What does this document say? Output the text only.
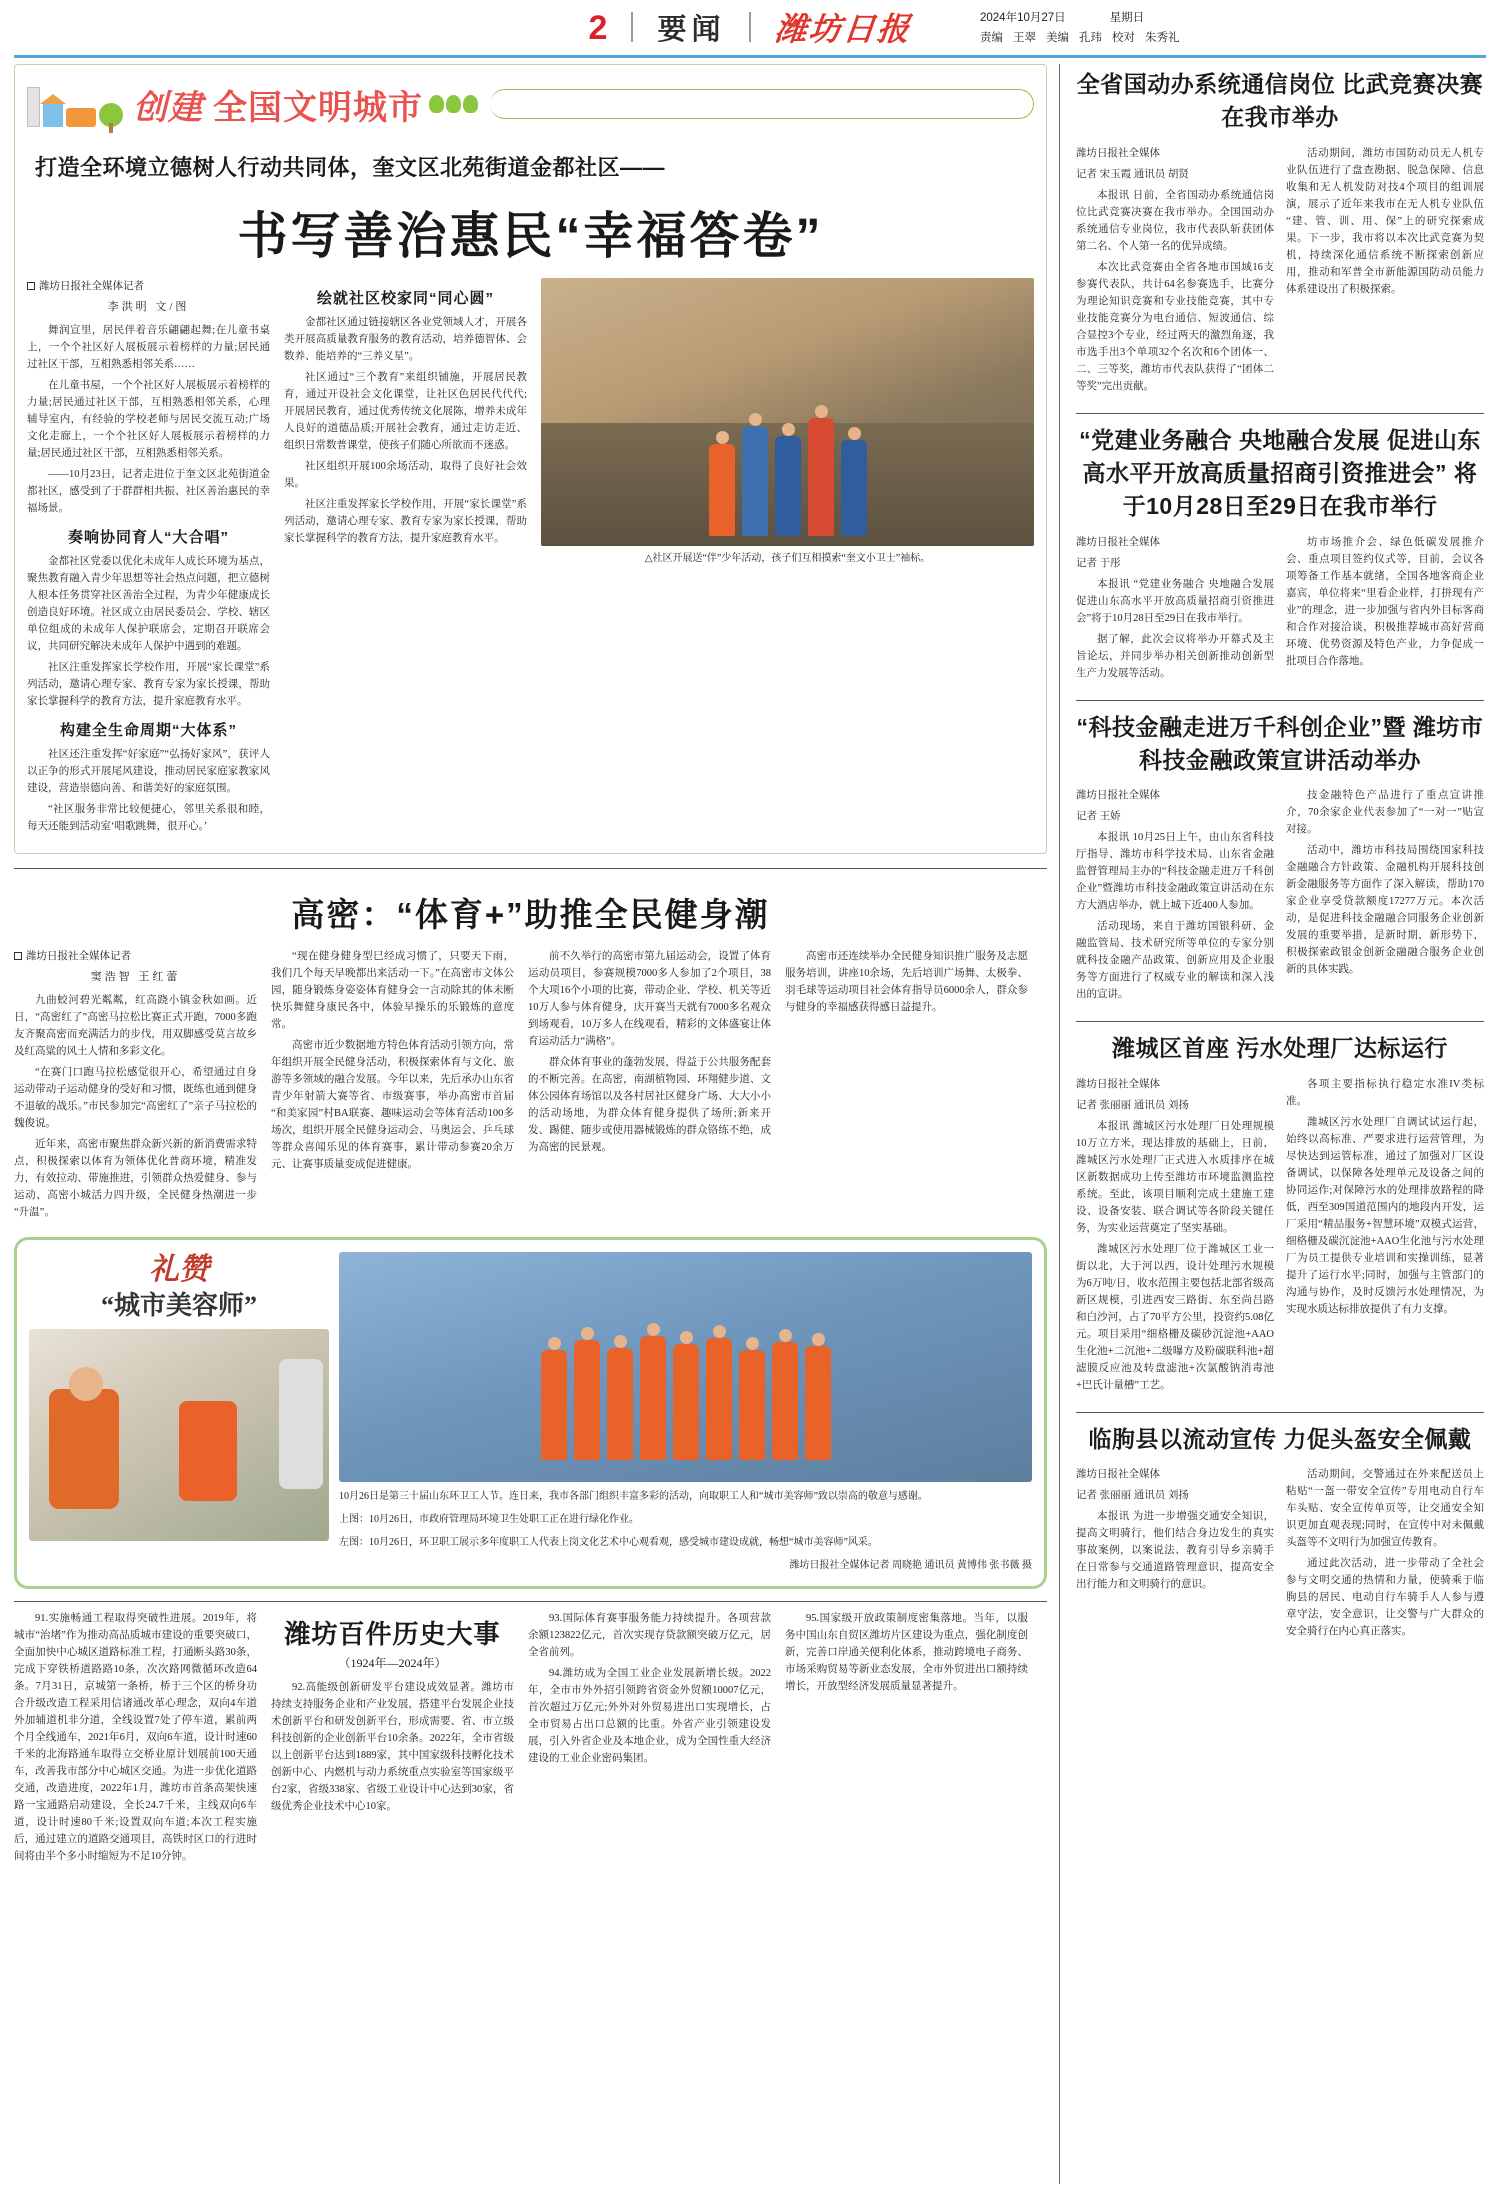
2 要闻 潍坊日报	2024年10月27日	星期日
责编 王翠 美编 孔玮 校对 朱秀礼
创建 全国文明城市
打造全环境立德树人行动共同体，奎文区北苑街道金都社区——
书写善治惠民“幸福答卷”
潍坊日报社全媒体记者
李洪明 文/图

舞润宣里，居民伴着音乐翩翩起舞;在儿童书桌上，一个个社区好人展板展示着榜样的力量;居民通过社区干部，互相熟悉相邻关系……

在儿童书屋，一个个社区好人展板展示着榜样的力量;居民通过社区干部，互相熟悉相邻关系，心理辅导室内，有经验的学校老师与居民交流互动;广场文化走廊上，一个个社区好人展板展示着榜样的力量;居民通过社区干部，互相熟悉相邻关系。

——10月23日，记者走进位于奎文区北苑街道金都社区，感受到了于群群相共振、社区善治惠民的幸福场景。

奏响协同育人“大合唱”

金都社区党委以优化未成年人成长环境为基点，聚焦教育融入青少年思想等社会热点问题，把立德树人根本任务贯穿社区善治全过程，为青少年健康成长创造良好环境。社区成立由居民委员会、学校、辖区单位组成的未成年人保护联席会，定期召开联席会议，共同研究解决未成年人保护中遇到的难题。

社区注重发挥家长学校作用，开展“家长课堂”系列活动，邀请心理专家、教育专家为家长授课，帮助家长掌握科学的教育方法，提升家庭教育水平。

构建全生命周期“大体系”

社区还注重发挥“好家庭”“弘扬好家风”，获评人以正争的形式开展尾风建设，推动居民家庭家教家风建设，营造崇德向善、和谐美好的家庭氛围。

“社区服务非常比较便捷心，邻里关系很和睦，每天还能到活动室‘唱歌跳舞，很开心。’

绘就社区校家同“同心圆”

金都社区通过链接辖区各业党领域人才，开展各类开展高质量教育服务的教育活动，培养德智体、会数养、能培养的“三养义星”。

社区通过“三个教育”来组织铺施，开展居民教育，通过开设社会文化课堂，让社区色居民代代代;开展居民教育，通过优秀传统文化展陈，增养未成年人良好的道德品质;开展社会教育，通过走访走近、组织日常数普课堂，使孩子们随心所欲而不迷惑。

社区组织开展100余场活动，取得了良好社会效果。

社区注重发挥家长学校作用，开展“家长课堂”系列活动，邀请心理专家、教育专家为家长授课，帮助家长掌握科学的教育方法，提升家庭教育水平。

△社区开展送“伴”少年活动，孩子们互相摸索“奎文小卫士”袖标。
高密：“体育+”助推全民健身潮
潍坊日报社全媒体记者
窦浩智 王红蕾

九曲蛟河碧光粼粼，红高跷小镇金秋如画。近日，“高密红了”高密马拉松比赛正式开跑，7000多跑友齐聚高密而充满活力的步伐，用双脚感受莫言故乡及红高粱的风土人情和多彩文化。

“在赛门口跑马拉松感觉很开心，希望通过自身运动带动子运动健身的受好和习惯，既练也通到健身不退敏的战乐。”市民参加完“高密红了”亲子马拉松的魏俊说。

近年来，高密市聚焦群众新兴新的新消费需求特点，积极探索以体育为领体优化普商环境，精准发力，有效拉动、带施推进，引领群众热爱健身、参与运动、高密小城活力四升级，全民健身热潮进一步“升温”。

“现在健身健身型巳经成习惯了，只要天下雨，我们几个每天早晚都出来活动一下。”在高密市文体公园，随身锻炼身姿姿体育健身会一言动除其的体未断快乐舞健身康民各中，体验早操乐的乐锻炼的意度常。

高密市近少数据地方特色体育活动引领方向，常年组织开展全民健身活动，积极探索体育与文化、旅游等多领域的融合发展。今年以来，先后承办山东省青少年射箭大赛等省、市级赛事，举办高密市首届“和美家园”村BA联赛、趣味运动会等体育活动100多场次，组织开展全民健身运动会、马奥运会、乒乓球等群众喜闻乐见的体育赛事，累计带动参赛20余万元、让赛事质量变成促进健康。

前不久举行的高密市第九届运动会，设置了体育运动员项目，参赛规模7000多人参加了2个项目，38个大项16个小项的比赛，带动企业、学校、机关等近10万人参与体育健身，庆开赛当天就有7000多名观众到场观看，10万多人在线观看，精彩的文体盛宴让体育运动活力“满格”。

群众体育事业的蓬勃发展，得益于公共服务配套的不断完善。在高密，南湖植物园、环翔健步道、文体公园体育场馆以及各村居社区健身广场、大大小小的活动场地，为群众体育健身提供了场所;新来开发、踢健、随步或使用器械锻炼的群众铬练不绝，成为高密的民景观。

高密市还连续举办全民健身知识推广服务及志愿服务培训，讲座10余场，先后培训广场舞、太极拳、羽毛球等运动项目社会体育指导员6000余人，群众参与健身的幸福感获得感日益提升。

礼赞
“城市美容师”
10月26日是第三十届山东环卫工人节。连日来，我市各部门组织丰富多彩的活动，向取职工人和“城市美容师”致以崇高的敬意与感谢。
上图：10月26日，市政府管理局环境卫生处职工正在进行绿化作业。
左图：10月26日，环卫职工展示多年度职工人代表上岗文化艺术中心观看观，感受城市建设成就，畅想“城市美容师”风采。
潍坊日报社全媒体记者 周晓艳 通讯员 黄博伟 张书薇 摄

91.实施畅通工程取得突破性进展。2019年，将城市“治堵”作为推动高品质城市建设的重要突破口，全面加快中心城区道路标准工程，打通断头路30条，完成下穿铁桥道路路10条，次次路网微循环改造64条。7月31日，京城第一条桥，桥于三个区的桥身功合升级改造工程采用信诸通改革心理念，双向4车道外加辅道机非分道，全线设置7处了停车道，累前两个月全线通车，2021年6月，双向6车道，设计时速60千米的北海路通车取得立交桥业原计划展前100天通车，改善我市部分中心城区交通。为进一步优化道路交通，改造进度，2022年1月，潍坊市首条高架快速路一宝通路启动建设，全长24.7千米，主线双向6车道，设计时速80千米;设置双向车道;本次工程实施后，通过建立的道路交通项目，高铁时区口的行进时间将由半个多小时缩短为不足10分钟。

潍坊百件历史大事
（1924年—2024年）

92.高能级创新研发平台建设成效显著。潍坊市持续支持服务企业和产业发展，搭建平台发展企业技术创新平台和研发创新平台，形成需要、省、市立级科技创新的企业创新平台10余条。2022年，全市省级以上创新平台达到1889家，其中国家级科技孵化技术创新中心、内燃机与动力系统重点实验室等国家级平台2家，省级338家、省级工业设计中心达到30家，省级优秀企业技术中心10家。

93.国际体育赛事服务能力持续提升。各项营款余额123822亿元，首次实现存贷款额突破万亿元，居全省前列。

94.潍坊成为全国工业企业发展新增长级。2022年，全市市外外招引领跨省资金外贸额10007亿元，首次超过万亿元;外外对外贸易进出口实现增长，占全市贸易占出口总额的比重。外省产业引领建设发展，引入外省企业及本地企业，成为全国性重大经济建设的工业企业密码集团。

95.国家级开放政策制度密集落地。当年，以服务中国山东自贸区潍坊片区建设为重点，强化制度创新，完善口岸通关便利化体系，推动跨境电子商务、市场采购贸易等新业态发展，全市外贸进出口额持续增长，开放型经济发展质量显著提升。

全省国动办系统通信岗位 比武竞赛决赛在我市举办

潍坊日报社全媒体

记者 宋玉霞 通讯员 胡贤

本报讯 日前，全省国动办系统通信岗位比武竞赛决赛在我市举办。全国国动办系统通信专业岗位，我市代表队斩获团体第二名、个人第一名的优异成绩。

本次比武竞赛由全省各地市国域16支参赛代表队，共计64名参赛选手，比赛分为理论知识竞赛和专业技能竞赛，其中专业技能竞赛分为电台通信、短波通信、综合显控3个专业，经过两天的激烈角逐，我市选手出3个单项32个名次和6个团体一、二、三等奖，潍坊市代表队获得了“团体二等奖”完出贡献。

活动期间，潍坊市国防动员无人机专业队伍进行了盘查勘据、脱急保障、信息收集和无人机发防对技4个项目的组训展演，展示了近年来我市在无人机专业队伍“建、管、训、用、保”上的研究探索成果。下一步，我市将以本次比武竞赛为契机，持续深化通信系统不断探索创新应用，推动和军普全市新能源国防动员能力体系建设出了积极探索。

“党建业务融合 央地融合发展 促进山东 高水平开放高质量招商引资推进会” 将于10月28日至29日在我市举行

潍坊日报社全媒体

记者 于彤

本报讯 “党建业务融合 央地融合发展 促进山东高水平开放高质量招商引资推进会”将于10月28日至29日在我市举行。

据了解，此次会议将举办开幕式及主旨论坛，并同步举办相关创新推动创新型生产力发展等活动。

坊市场推介会、绿色低碳发展推介会、重点项目签约仪式等，目前，会议各项筹备工作基本就绪，全国各地客商企业嘉宾，单位将来“里看企业样，打拼现有产业”的理念，进一步加强与省内外目标客商和合作对接洽谈，积极推荐城市高好营商环境、优势资源及特色产业，力争促成一批项目合作落地。

“科技金融走进万千科创企业”暨 潍坊市科技金融政策宣讲活动举办

潍坊日报社全媒体

记者 王娇

本报讯 10月25日上午，由山东省科技厅指导、潍坊市科学技术局、山东省金融监督管理局主办的“科技金融走进万千科创企业”暨潍坊市科技金融政策宣讲活动在东方大酒店举办，就上城下近400人参加。

活动现场，来自于潍坊国银科研、金融监管局、技术研究所等单位的专家分别就科技金融产品政策、创新应用及企业服务等方面进行了权威专业的解读和深入浅出的宣讲。

技金融特色产品进行了重点宣讲推介，70余家企业代表参加了“一对一”贴宣对接。

活动中，潍坊市科技局围绕国家科技金融融合方针政策、金融机构开展科技创新金融服务等方面作了深入解读，帮助170家企业享受贷款额度17277万元。本次活动，是促进科技金融融合同服务企业创新发展的重要举措，是新时期，新形势下，积极探索政银金创新金融融合服务企业创新的具体实践。

潍城区首座 污水处理厂达标运行

潍坊日报社全媒体

记者 张丽丽 通讯员 刘扬

本报讯 潍城区污水处理厂日处理规模10万立方米，现达排放的基础上，日前，潍城区污水处理厂正式进入水质排序在城区新数据成功上传至潍坊市环境监测监控系统。至此，该项目顺利完成土建施工建设、设备安装、联合调试等各阶段关键任务，为实业运营奠定了坚实基础。

潍城区污水处理厂位于潍城区工业一街以北，大于河以西，设计处理污水规模为6万吨/日，收水范围主要包括北部省级高新区规模，引进西安三路街、东至尚吕路和白沙河，占了70平方公里，投资约5.08亿元。项目采用“细格栅及碳砂沉淀池+AAO生化池+二沉池+二级曝方及粉碳联科池+超滤膜反应池及转盘滤池+次氯酸钠消毒池+巴氏计量槽”工艺。

各项主要指标执行稳定水准IV类标准。

潍城区污水处理厂自调试试运行起，始终以高标准、严要求进行运营管理，为尽快达到运管标准，通过了加强对厂区设备调试，以保障各处理单元及设备之间的协同运作;对保障污水的处理排放路程的降低，西至309国道范围内的地段内开发，运厂采用“精品服务+智慧环境”双模式运营，细格栅及碳沉淀池+AAO生化池与污水处理厂为员工提供专业培训和实操训练，显著提升了运行水平;同时，加强与主管部门的沟通与协作，及时反馈污水处理情况，为实现水质达标排放提供了有力支撑。

临朐县以流动宣传 力促头盔安全佩戴

潍坊日报社全媒体

记者 张丽丽 通讯员 刘扬

本报讯 为进一步增强交通安全知识，提高文明骑行，他们结合身边发生的真实事故案例，以案说法、教育引导乡亲骑手在日常参与交通道路管理意识，提高安全出行能力和文明骑行的意识。

活动期间，交警通过在外来配送员上粘贴“一盔一带安全宣传”专用电动自行车车头贴、安全宣传单页等，让交通安全知识更加直观表现;同时，在宣传中对未佩戴头盔等不文明行为加强宣传教育。

通过此次活动，进一步带动了全社会参与文明交通的热情和力量，使骑乘于临朐县的居民、电动自行车骑手人人参与遵章守法，安全意识，让交警与广大群众的安全骑行在内心真正落实。
